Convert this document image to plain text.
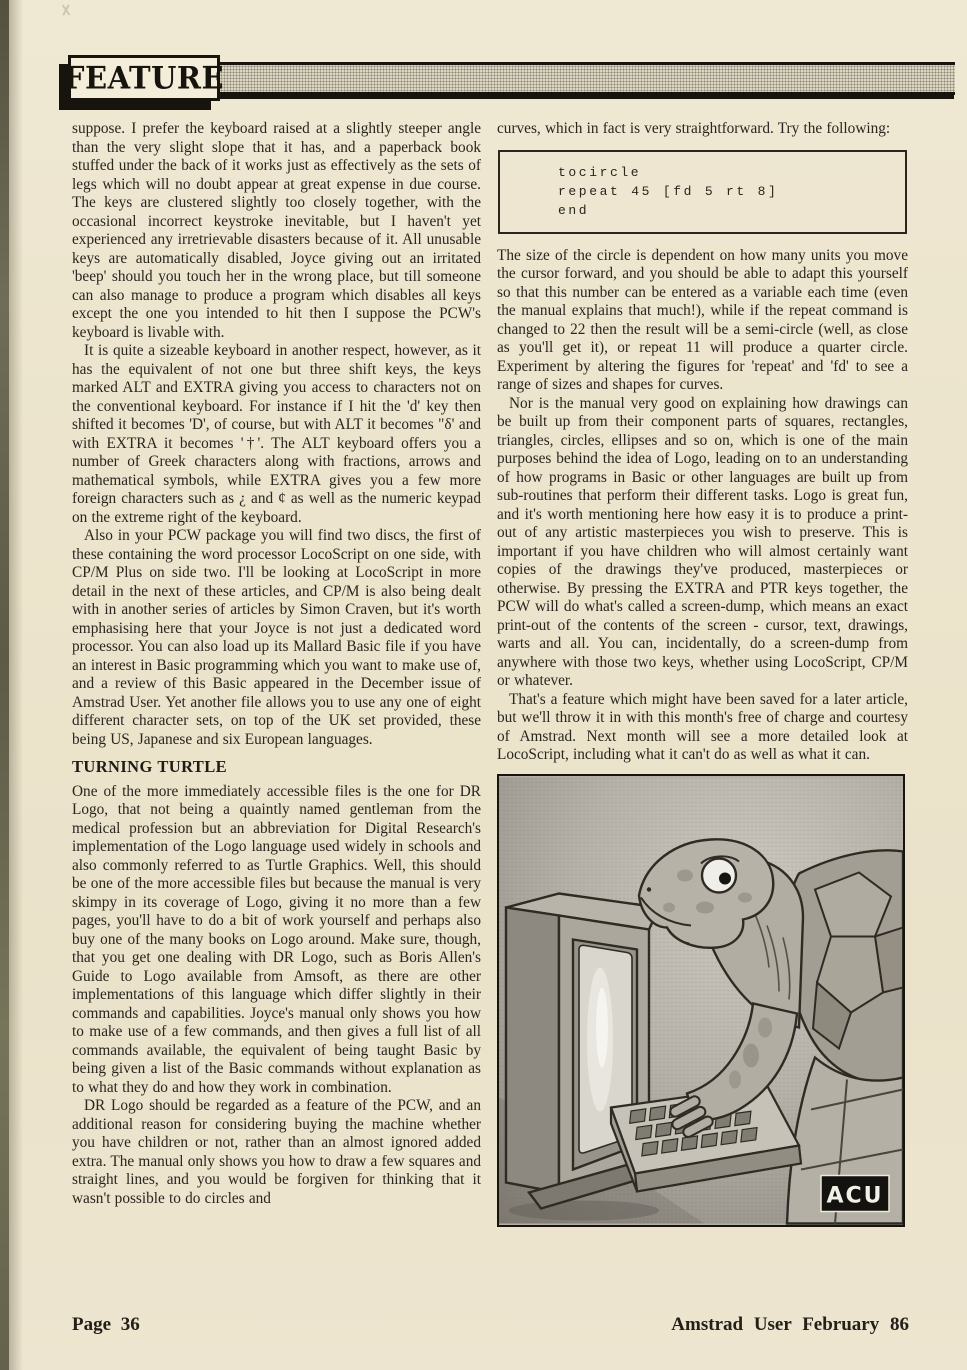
FEATURE

suppose. I prefer the keyboard raised at a slightly steeper angle than the very slight slope that it has, and a paperback book stuffed under the back of it works just as effectively as the sets of legs which will no doubt appear at great expense in due course. The keys are clustered slightly too closely together, with the occasional incorrect keystroke inevitable, but I haven't yet experienced any irretrievable disasters because of it. All unusable keys are automatically disabled, Joyce giving out an irritated 'beep' should you touch her in the wrong place, but till someone can also manage to produce a program which disables all keys except the one you intended to hit then I suppose the PCW's keyboard is livable with.

It is quite a sizeable keyboard in another respect, however, as it has the equivalent of not one but three shift keys, the keys marked ALT and EXTRA giving you access to characters not on the conventional keyboard. For instance if I hit the 'd' key then shifted it becomes 'D', of course, but with ALT it becomes "δ' and with EXTRA it becomes '†'. The ALT keyboard offers you a number of Greek characters along with fractions, arrows and mathematical symbols, while EXTRA gives you a few more foreign characters such as ¿ and ¢ as well as the numeric keypad on the extreme right of the keyboard.

Also in your PCW package you will find two discs, the first of these containing the word processor LocoScript on one side, with CP/M Plus on side two. I'll be looking at LocoScript in more detail in the next of these articles, and CP/M is also being dealt with in another series of articles by Simon Craven, but it's worth emphasising here that your Joyce is not just a dedicated word processor. You can also load up its Mallard Basic file if you have an interest in Basic programming which you want to make use of, and a review of this Basic appeared in the December issue of Amstrad User. Yet another file allows you to use any one of eight different character sets, on top of the UK set provided, these being US, Japanese and six European languages.

TURNING TURTLE

One of the more immediately accessible files is the one for DR Logo, that not being a quaintly named gentleman from the medical profession but an abbreviation for Digital Research's implementation of the Logo language used widely in schools and also commonly referred to as Turtle Graphics. Well, this should be one of the more accessible files but because the manual is very skimpy in its coverage of Logo, giving it no more than a few pages, you'll have to do a bit of work yourself and perhaps also buy one of the many books on Logo around. Make sure, though, that you get one dealing with DR Logo, such as Boris Allen's Guide to Logo available from Amsoft, as there are other implementations of this language which differ slightly in their commands and capabilities. Joyce's manual only shows you how to make use of a few commands, and then gives a full list of all commands available, the equivalent of being taught Basic by being given a list of the Basic commands without explanation as to what they do and how they work in combination.

DR Logo should be regarded as a feature of the PCW, and an additional reason for considering buying the machine whether you have children or not, rather than an almost ignored added extra. The manual only shows you how to draw a few squares and straight lines, and you would be forgiven for thinking that it wasn't possible to do circles and

curves, which in fact is very straightforward. Try the following:

tocircle
repeat 45 [fd 5 rt 8]
end

The size of the circle is dependent on how many units you move the cursor forward, and you should be able to adapt this yourself so that this number can be entered as a variable each time (even the manual explains that much!), while if the repeat command is changed to 22 then the result will be a semi-circle (well, as close as you'll get it), or repeat 11 will produce a quarter circle. Experiment by altering the figures for 'repeat' and 'fd' to see a range of sizes and shapes for curves.

Nor is the manual very good on explaining how drawings can be built up from their component parts of squares, rectangles, triangles, circles, ellipses and so on, which is one of the main purposes behind the idea of Logo, leading on to an understanding of how programs in Basic or other languages are built up from sub-routines that perform their different tasks. Logo is great fun, and it's worth mentioning here how easy it is to produce a print-out of any artistic masterpieces you wish to preserve. This is important if you have children who will almost certainly want copies of the drawings they've produced, masterpieces or otherwise. By pressing the EXTRA and PTR keys together, the PCW will do what's called a screen-dump, which means an exact print-out of the contents of the screen - cursor, text, drawings, warts and all. You can, incidentally, do a screen-dump from anywhere with those two keys, whether using LocoScript, CP/M or whatever.

That's a feature which might have been saved for a later article, but we'll throw it in with this month's free of charge and courtesy of Amstrad. Next month will see a more detailed look at LocoScript, including what it can't do as well as what it can.

ACU
Page 36	Amstrad User February 86
